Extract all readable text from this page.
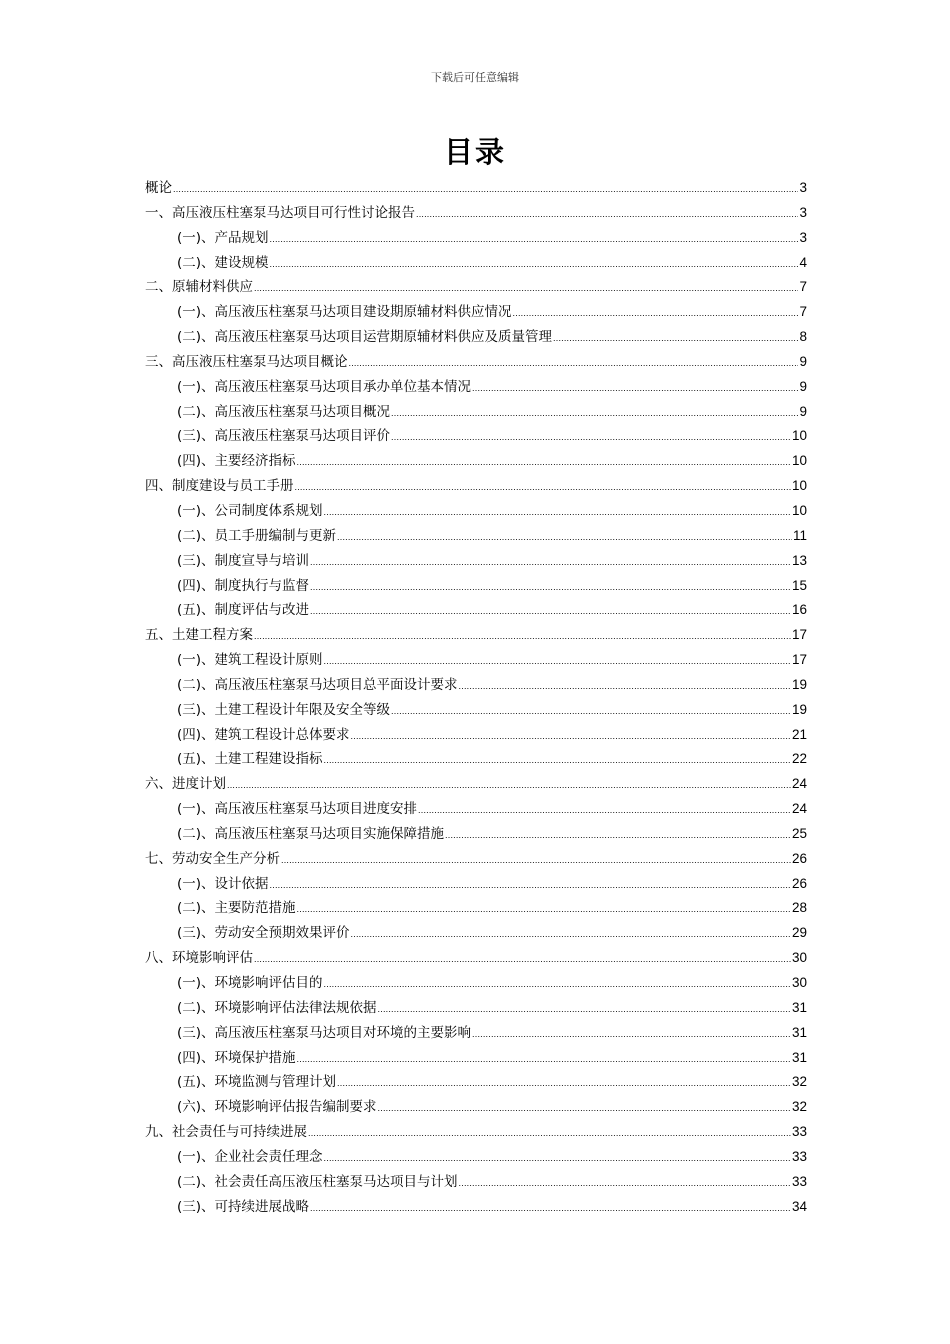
下载后可任意编辑
目录
概论 .....	3
一、高压液压柱塞泵马达项目可行性讨论报告 .....	3
(一)、产品规划 .....	3
(二)、建设规模 .....	4
二、原辅材料供应 .....	7
(一)、高压液压柱塞泵马达项目建设期原辅材料供应情况 .....	7
(二)、高压液压柱塞泵马达项目运营期原辅材料供应及质量管理 .....	8
三、高压液压柱塞泵马达项目概论 .....	9
(一)、高压液压柱塞泵马达项目承办单位基本情况 .....	9
(二)、高压液压柱塞泵马达项目概况 .....	9
(三)、高压液压柱塞泵马达项目评价 .....	10
(四)、主要经济指标 .....	10
四、制度建设与员工手册 .....	10
(一)、公司制度体系规划 .....	10
(二)、员工手册编制与更新 .....	11
(三)、制度宣导与培训 .....	13
(四)、制度执行与监督 .....	15
(五)、制度评估与改进 .....	16
五、土建工程方案 .....	17
(一)、建筑工程设计原则 .....	17
(二)、高压液压柱塞泵马达项目总平面设计要求 .....	19
(三)、土建工程设计年限及安全等级 .....	19
(四)、建筑工程设计总体要求 .....	21
(五)、土建工程建设指标 .....	22
六、进度计划 .....	24
(一)、高压液压柱塞泵马达项目进度安排 .....	24
(二)、高压液压柱塞泵马达项目实施保障措施 .....	25
七、劳动安全生产分析 .....	26
(一)、设计依据 .....	26
(二)、主要防范措施 .....	28
(三)、劳动安全预期效果评价 .....	29
八、环境影响评估 .....	30
(一)、环境影响评估目的 .....	30
(二)、环境影响评估法律法规依据 .....	31
(三)、高压液压柱塞泵马达项目对环境的主要影响 .....	31
(四)、环境保护措施 .....	31
(五)、环境监测与管理计划 .....	32
(六)、环境影响评估报告编制要求 .....	32
九、社会责任与可持续进展 .....	33
(一)、企业社会责任理念 .....	33
(二)、社会责任高压液压柱塞泵马达项目与计划 .....	33
(三)、可持续进展战略 .....	34
